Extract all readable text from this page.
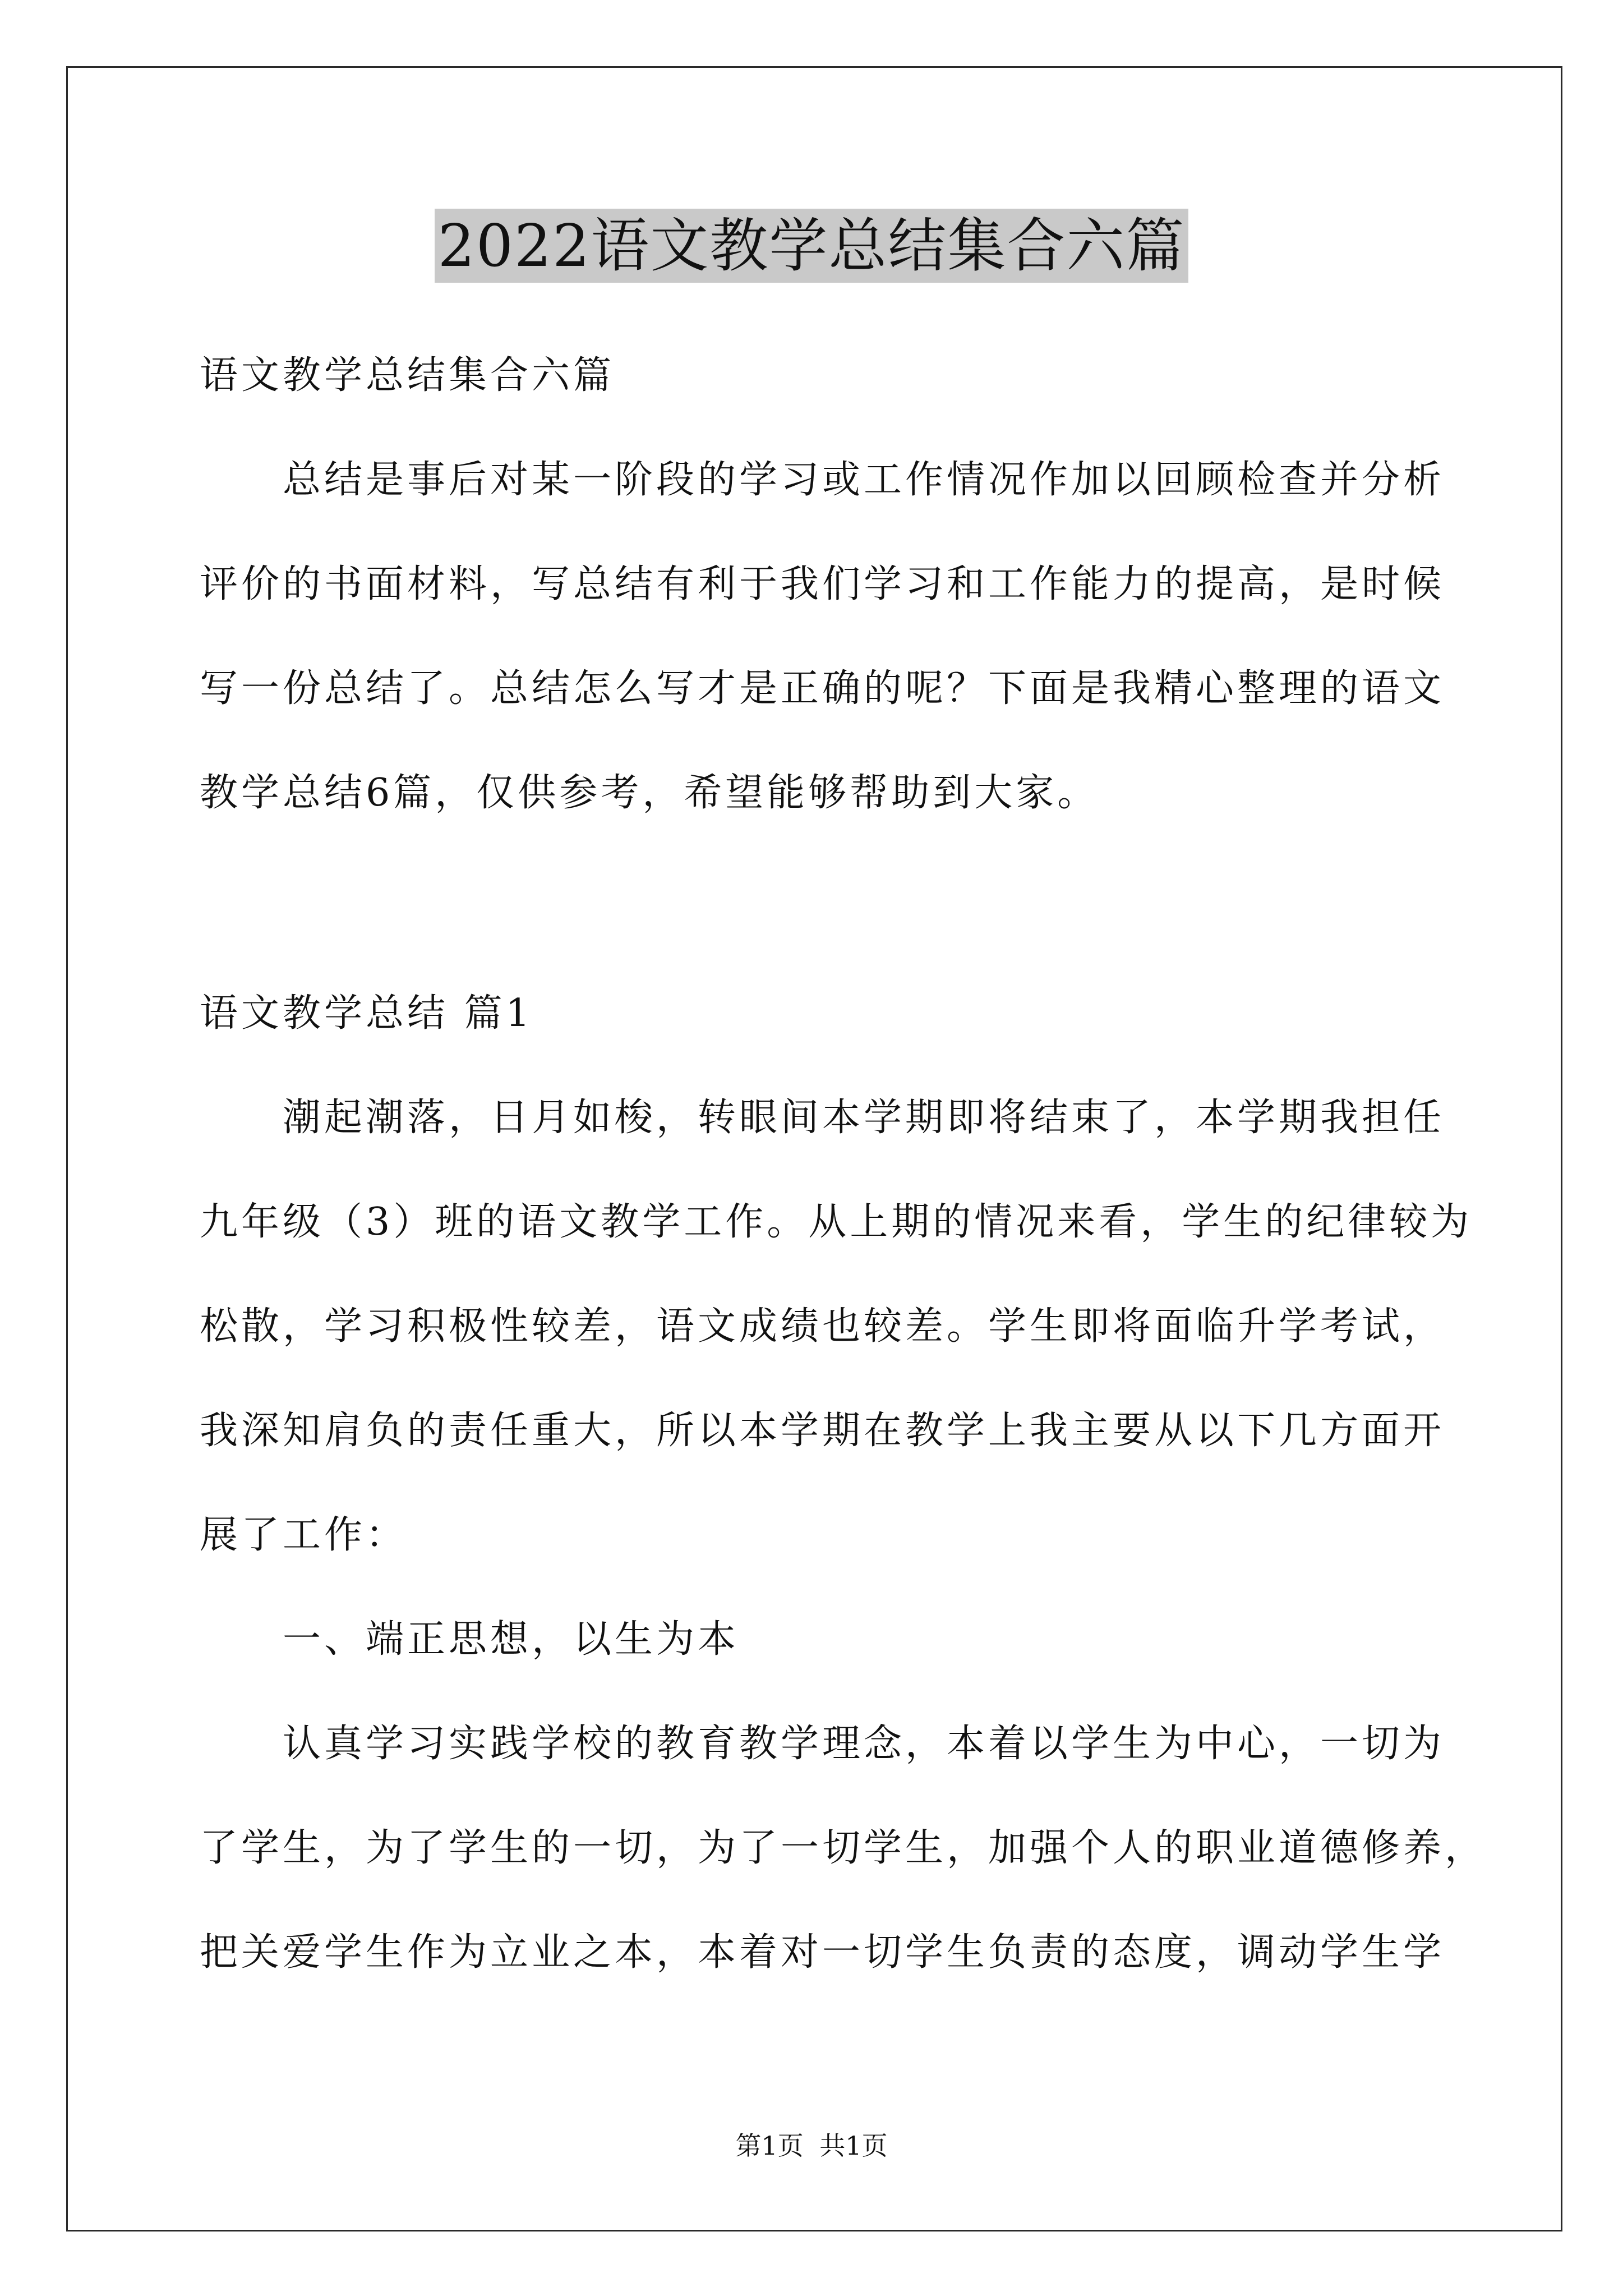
2022语文教学总结集合六篇
语文教学总结集合六篇
　　总结是事后对某一阶段的学习或工作情况作加以回顾检查并分析
评价的书面材料，写总结有利于我们学习和工作能力的提高，是时候
写一份总结了。总结怎么写才是正确的呢？下面是我精心整理的语文
教学总结6篇，仅供参考，希望能够帮助到大家。
语文教学总结 篇1
　　潮起潮落，日月如梭，转眼间本学期即将结束了，本学期我担任
九年级（3）班的语文教学工作。从上期的情况来看，学生的纪律较为
松散，学习积极性较差，语文成绩也较差。学生即将面临升学考试，
我深知肩负的责任重大，所以本学期在教学上我主要从以下几方面开
展了工作：
　　一、端正思想，以生为本
　　认真学习实践学校的教育教学理念，本着以学生为中心，一切为
了学生，为了学生的一切，为了一切学生，加强个人的职业道德修养，
把关爱学生作为立业之本，本着对一切学生负责的态度，调动学生学
第1页 共1页
